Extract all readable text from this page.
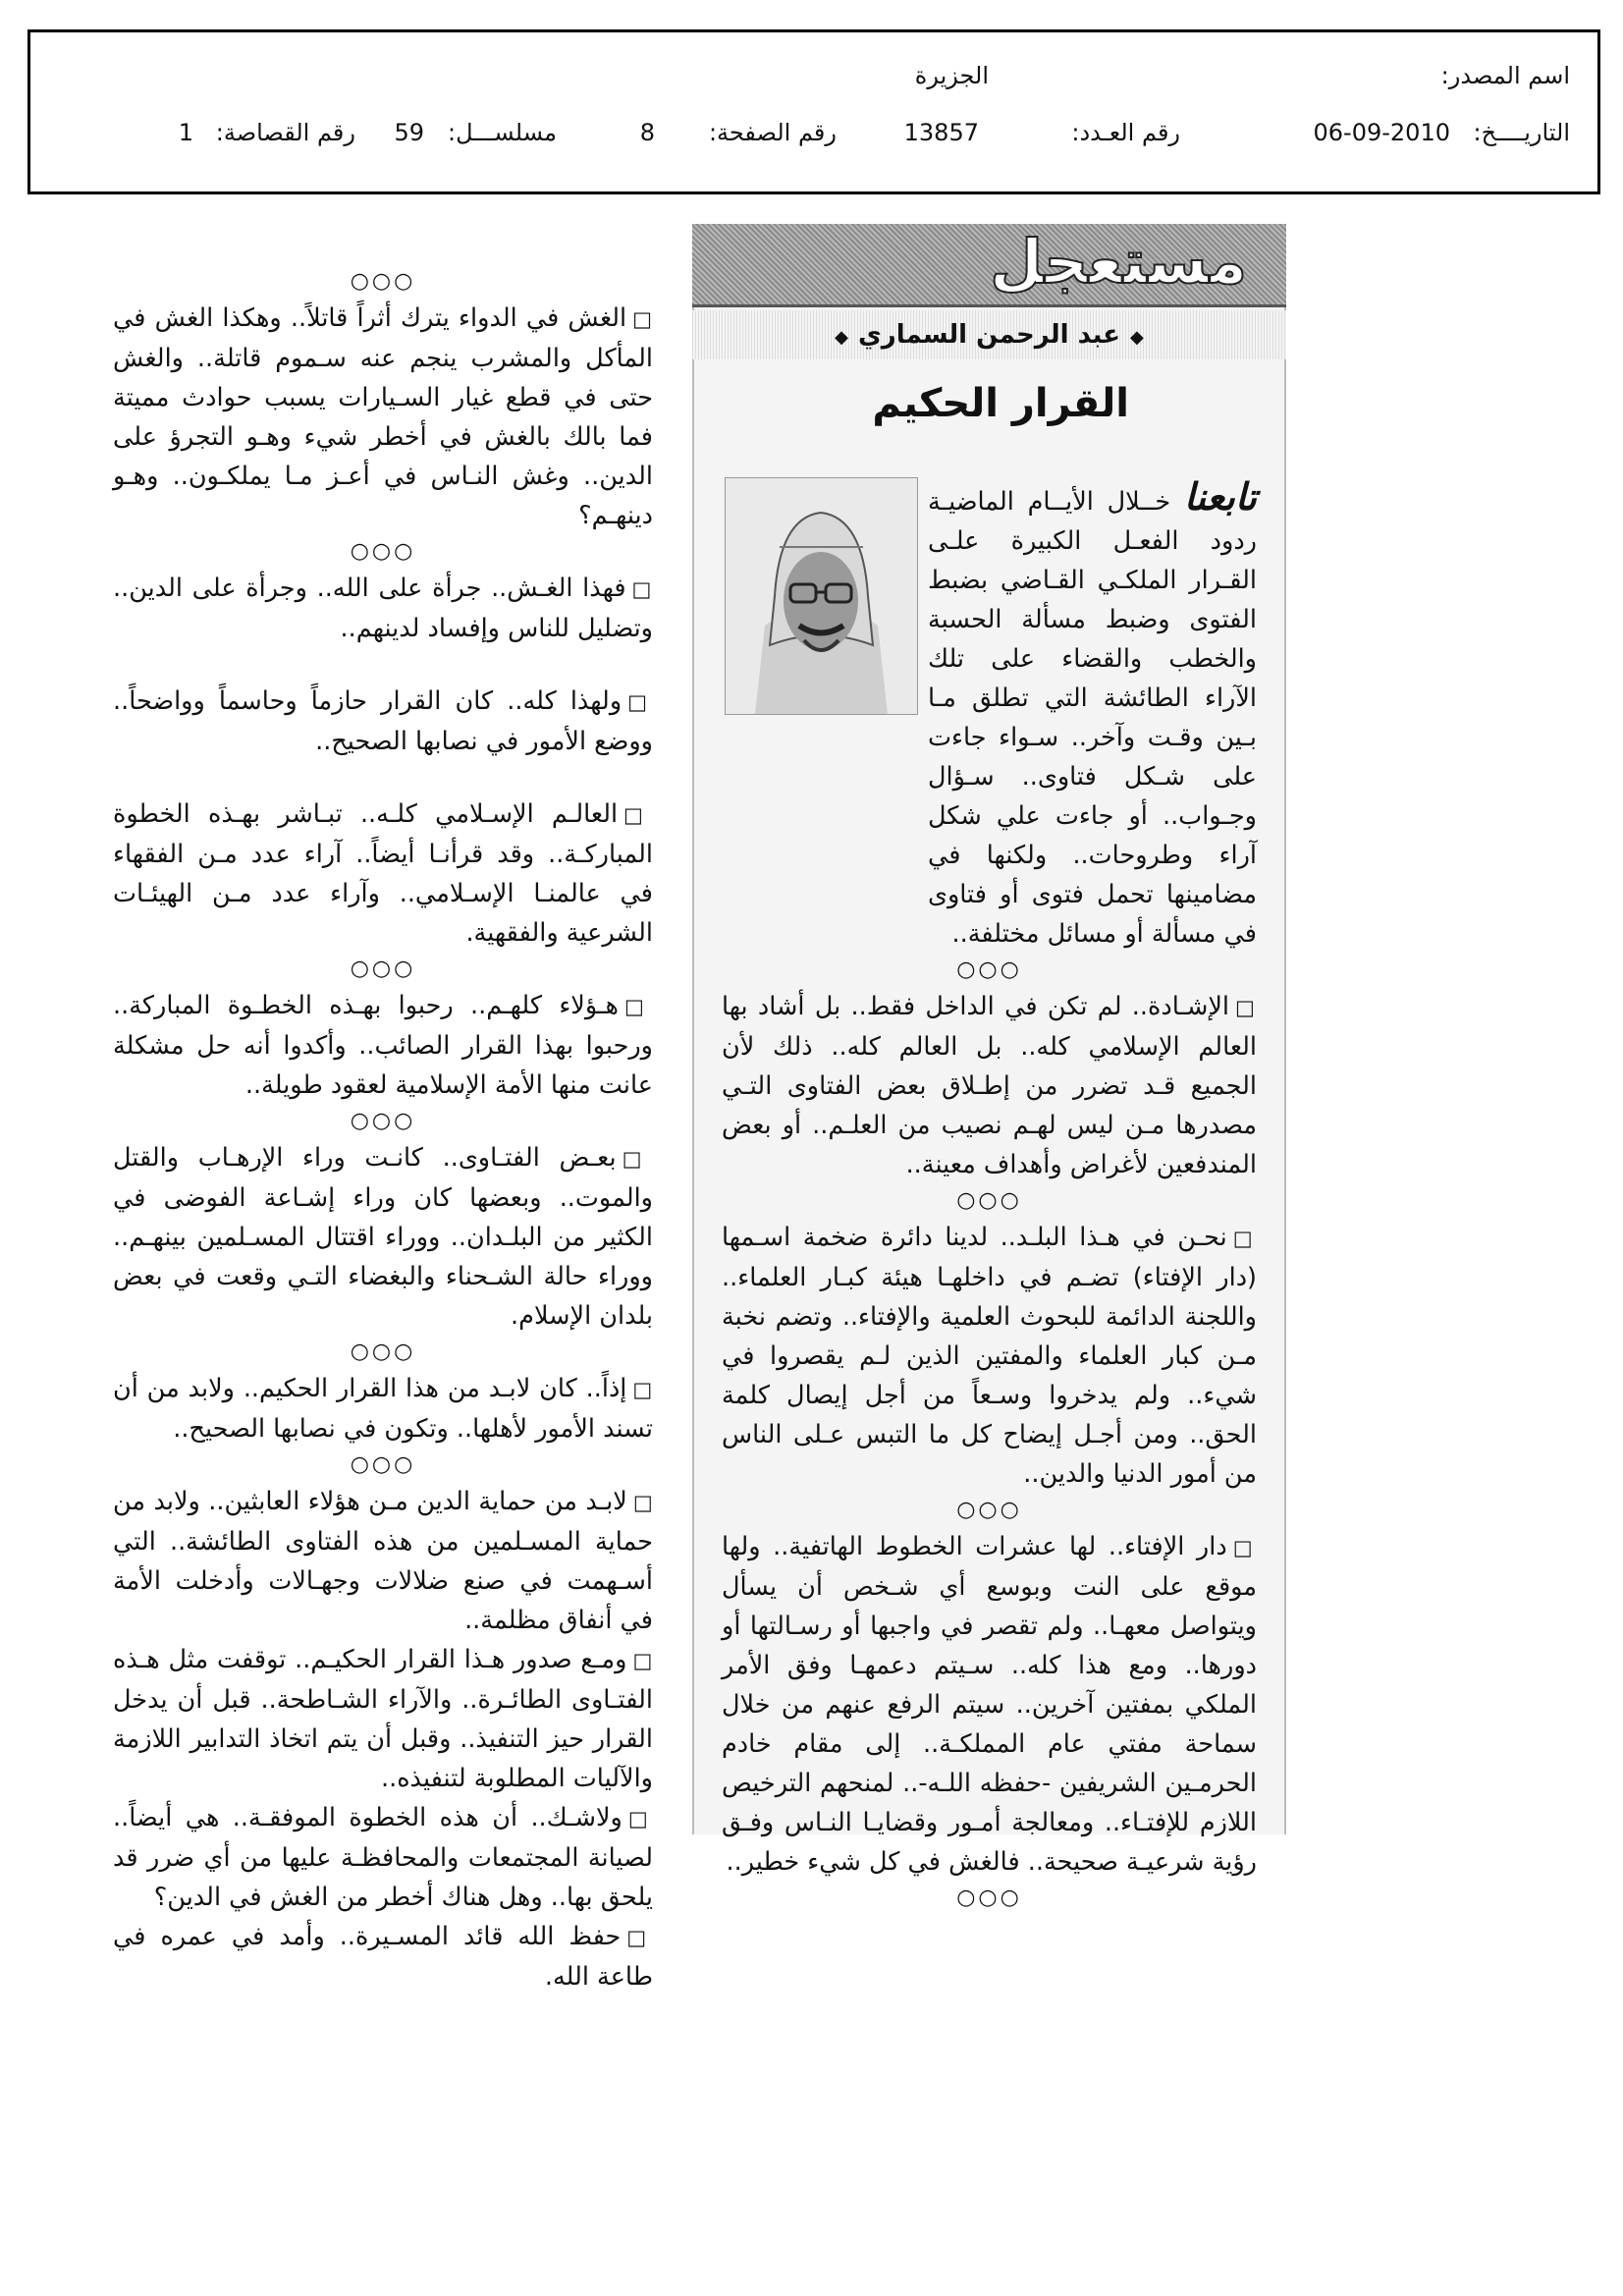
اسم المصدر:
الجزيرة
التاريــــخ:
06-09-2010
رقم العـدد:
13857
رقم الصفحة:
8
مسلســـل:
59
رقم القصاصة:
1
مستعجل
◆عبد الرحمن السماري◆
القرار الحكيم

تابعنا خــلال الأيــام الماضيـة ردود الفعـل الكبيرة علـى القـرار الملكـي القـاضي بضبط الفتوى وضبط مسألة الحسبة والخطب والقضاء على تلك الآراء الطائشة التي تطلق مـا بـين وقـت وآخر.. سـواء جاءت على شـكل فتاوى.. سـؤال وجـواب.. أو جاءت علي شكل آراء وطروحات.. ولكنها في مضامينها تحمل فتوى أو فتاوى في مسألة أو مسائل مختلفة..

○○○

□الإشـادة.. لم تكن في الداخل فقط.. بل أشاد بها العالم الإسلامي كله.. بل العالم كله.. ذلك لأن الجميع قـد تضرر من إطـلاق بعض الفتاوى التـي مصدرها مـن ليس لهـم نصيب من العلـم.. أو بعض المندفعين لأغراض وأهداف معينة..

○○○

□نحـن في هـذا البلـد.. لدينا دائرة ضخمة اسـمها (دار الإفتاء) تضـم في داخلهـا هيئة كبـار العلماء.. واللجنة الدائمة للبحوث العلمية والإفتاء.. وتضم نخبة مـن كبار العلماء والمفتين الذين لـم يقصروا في شيء.. ولم يدخروا وسـعاً من أجل إيصال كلمة الحق.. ومن أجـل إيضاح كل ما التبس عـلى الناس من أمور الدنيا والدين..

○○○

□دار الإفتاء.. لها عشرات الخطوط الهاتفية.. ولها موقع على النت وبوسع أي شـخص أن يسأل ويتواصل معهـا.. ولم تقصر في واجبها أو رسـالتها أو دورها.. ومع هذا كله.. سـيتم دعمهـا وفق الأمر الملكي بمفتين آخرين.. سيتم الرفع عنهم من خلال سماحة مفتي عام المملكـة.. إلى مقام خادم الحرمـين الشريفين -حفظه اللـه-.. لمنحهم الترخيص اللازم للإفتـاء.. ومعالجة أمـور وقضايـا النـاس وفـق رؤية شرعيـة صحيحة.. فالغش في كل شيء خطير..

○○○
○○○

□الغش في الدواء يترك أثراً قاتلاً.. وهكذا الغش في المأكل والمشرب ينجم عنه سـموم قاتلة.. والغش حتى في قطع غيار السـيارات يسبب حوادث مميتة فما بالك بالغش في أخطر شيء وهـو التجرؤ على الدين.. وغش النـاس في أعـز مـا يملكـون.. وهـو دينهـم؟

○○○

□فهذا الغـش.. جرأة على الله.. وجرأة على الدين.. وتضليل للناس وإفساد لدينهم..

□ولهذا كله.. كان القرار حازماً وحاسماً وواضحاً.. ووضع الأمور في نصابها الصحيح..

□العالـم الإسـلامي كلـه.. تبـاشر بهـذه الخطوة المباركـة.. وقد قرأنـا أيضاً.. آراء عدد مـن الفقهاء في عالمنـا الإسـلامي.. وآراء عدد مـن الهيئـات الشرعية والفقهية.

○○○

□هـؤلاء كلهـم.. رحبوا بهـذه الخطـوة المباركة.. ورحبوا بهذا القرار الصائب.. وأكدوا أنه حل مشكلة عانت منها الأمة الإسلامية لعقود طويلة..

○○○

□بعـض الفتـاوى.. كانـت وراء الإرهـاب والقتل والموت.. وبعضها كان وراء إشـاعة الفوضى في الكثير من البلـدان.. ووراء اقتتال المسـلمين بينهـم.. ووراء حالة الشـحناء والبغضاء التـي وقعت في بعض بلدان الإسلام.

○○○

□إذاً.. كان لابـد من هذا القرار الحكيم.. ولابد من أن تسند الأمور لأهلها.. وتكون في نصابها الصحيح..

○○○

□لابـد من حماية الدين مـن هؤلاء العابثين.. ولابد من حماية المسـلمين من هذه الفتاوى الطائشة.. التي أسـهمت في صنع ضلالات وجهـالات وأدخلت الأمة في أنفاق مظلمة..

□ومـع صدور هـذا القرار الحكيـم.. توقفت مثل هـذه الفتـاوى الطائـرة.. والآراء الشـاطحة.. قبل أن يدخل القرار حيز التنفيذ.. وقبل أن يتم اتخاذ التدابير اللازمة والآليات المطلوبة لتنفيذه..

□ولاشـك.. أن هذه الخطوة الموفقـة.. هي أيضاً.. لصيانة المجتمعات والمحافظـة عليها من أي ضرر قد يلحق بها.. وهل هناك أخطر من الغش في الدين؟

□حفظ الله قائد المسـيرة.. وأمد في عمره في طاعة الله.
